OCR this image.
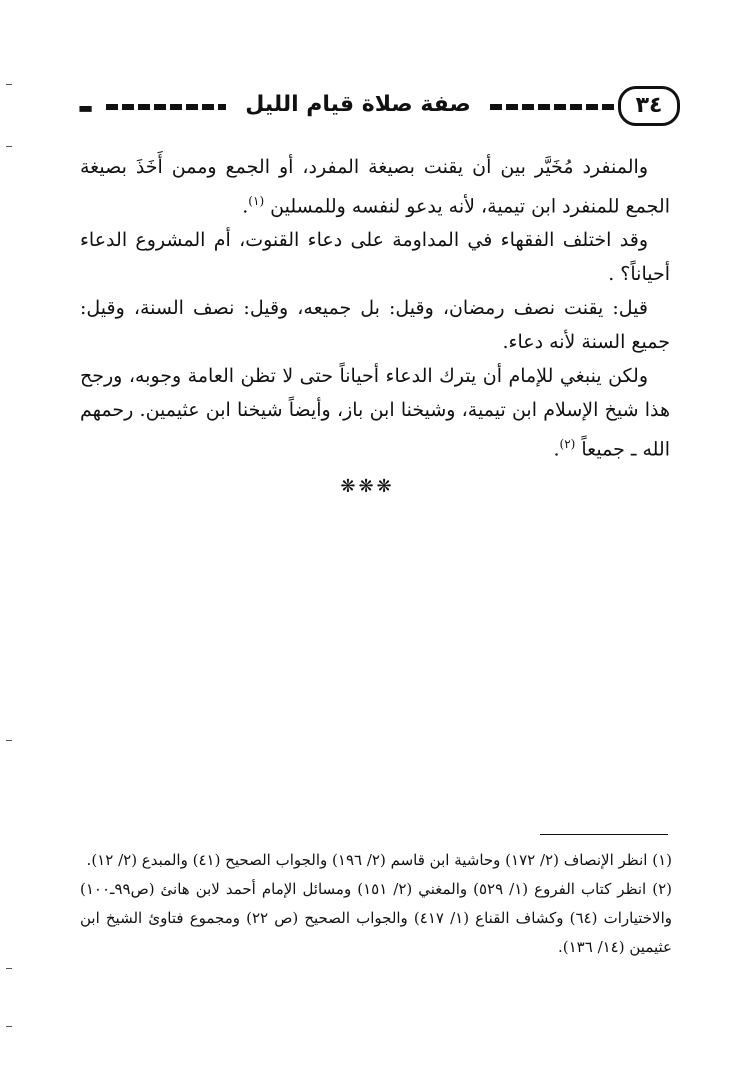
▬	صفة صلاة قيام الليل	٣٤

والمنفرد مُخَيَّر بين أن يقنت بصيغة المفرد، أو الجمع وممن أَخَذَ بصيغة الجمع للمنفرد ابن تيمية، لأنه يدعو لنفسه وللمسلين $^{(١)}$.

وقد اختلف الفقهاء في المداومة على دعاء القنوت، أم المشروع الدعاء أحياناً؟ .

قيل: يقنت نصف رمضان، وقيل: بل جميعه، وقيل: نصف السنة، وقيل: جميع السنة لأنه دعاء.

ولكن ينبغي للإمام أن يترك الدعاء أحياناً حتى لا تظن العامة وجوبه، ورجح هذا شيخ الإسلام ابن تيمية، وشيخنا ابن باز، وأيضاً شيخنا ابن عثيمين. رحمهم الله ـ جميعاً $^{(٢)}$.

❋❋❋

(١) انظر الإنصاف (٢/ ١٧٢) وحاشية ابن قاسم (٢/ ١٩٦) والجواب الصحيح (٤١) والمبدع (٢/ ١٢).

(٢) انظر كتاب الفروع (١/ ٥٢٩) والمغني (٢/ ١٥١) ومسائل الإمام أحمد لابن هانئ (ص٩٩ـ١٠٠) والاختيارات (٦٤) وكشاف القناع (١/ ٤١٧) والجواب الصحيح (ص ٢٢) ومجموع فتاوئ الشيخ ابن عثيمين (١٤/ ١٣٦).
